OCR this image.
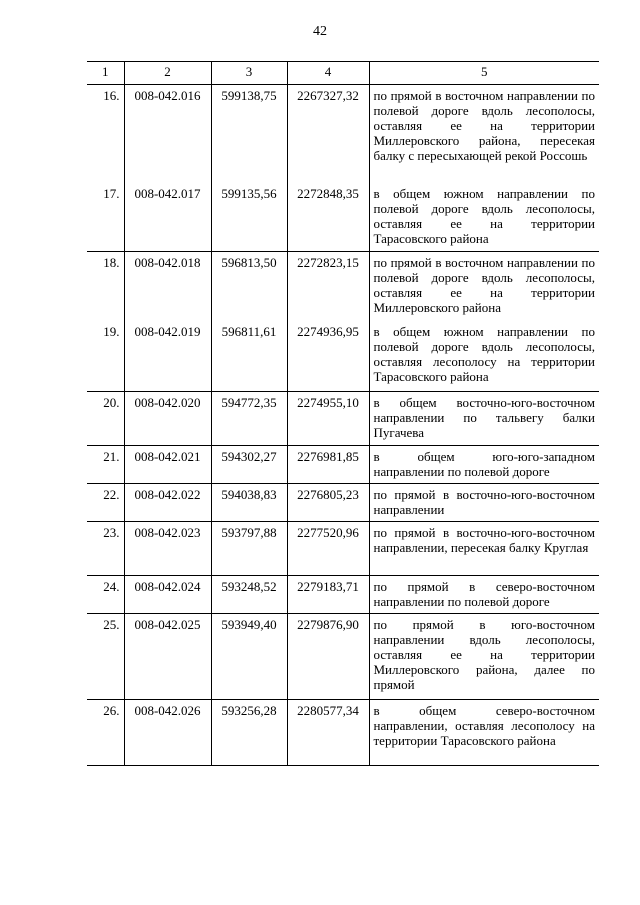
42
1	2	3	4	5
16.	008-042.016	599138,75	2267327,32	по прямой в восточном направлении по полевой дороге вдоль лесополосы, оставляя ее на территории Миллеровского района, пересекая балку с пересыхающей рекой Россошь
17.	008-042.017	599135,56	2272848,35	в общем южном направлении по полевой дороге вдоль лесополосы, оставляя ее на территории Тарасовского района
18.	008-042.018	596813,50	2272823,15	по прямой в восточном направлении по полевой дороге вдоль лесополосы, оставляя ее на территории Миллеровского района
19.	008-042.019	596811,61	2274936,95	в общем южном направлении по полевой дороге вдоль лесополосы, оставляя лесополосу на территории Тарасовского района
20.	008-042.020	594772,35	2274955,10	в общем восточно-юго-восточном направлении по тальвегу балки Пугачева
21.	008-042.021	594302,27	2276981,85	в общем юго-юго-западном направлении по полевой дороге
22.	008-042.022	594038,83	2276805,23	по прямой в восточно-юго-восточном направлении
23.	008-042.023	593797,88	2277520,96	по прямой в восточно-юго-восточном направлении, пересекая балку Круглая
24.	008-042.024	593248,52	2279183,71	по прямой в северо-восточном направлении по полевой дороге
25.	008-042.025	593949,40	2279876,90	по прямой в юго-восточном направлении вдоль лесополосы, оставляя ее на территории Миллеровского района, далее по прямой
26.	008-042.026	593256,28	2280577,34	в общем северо-восточном направлении, оставляя лесополосу на территории Тарасовского района
